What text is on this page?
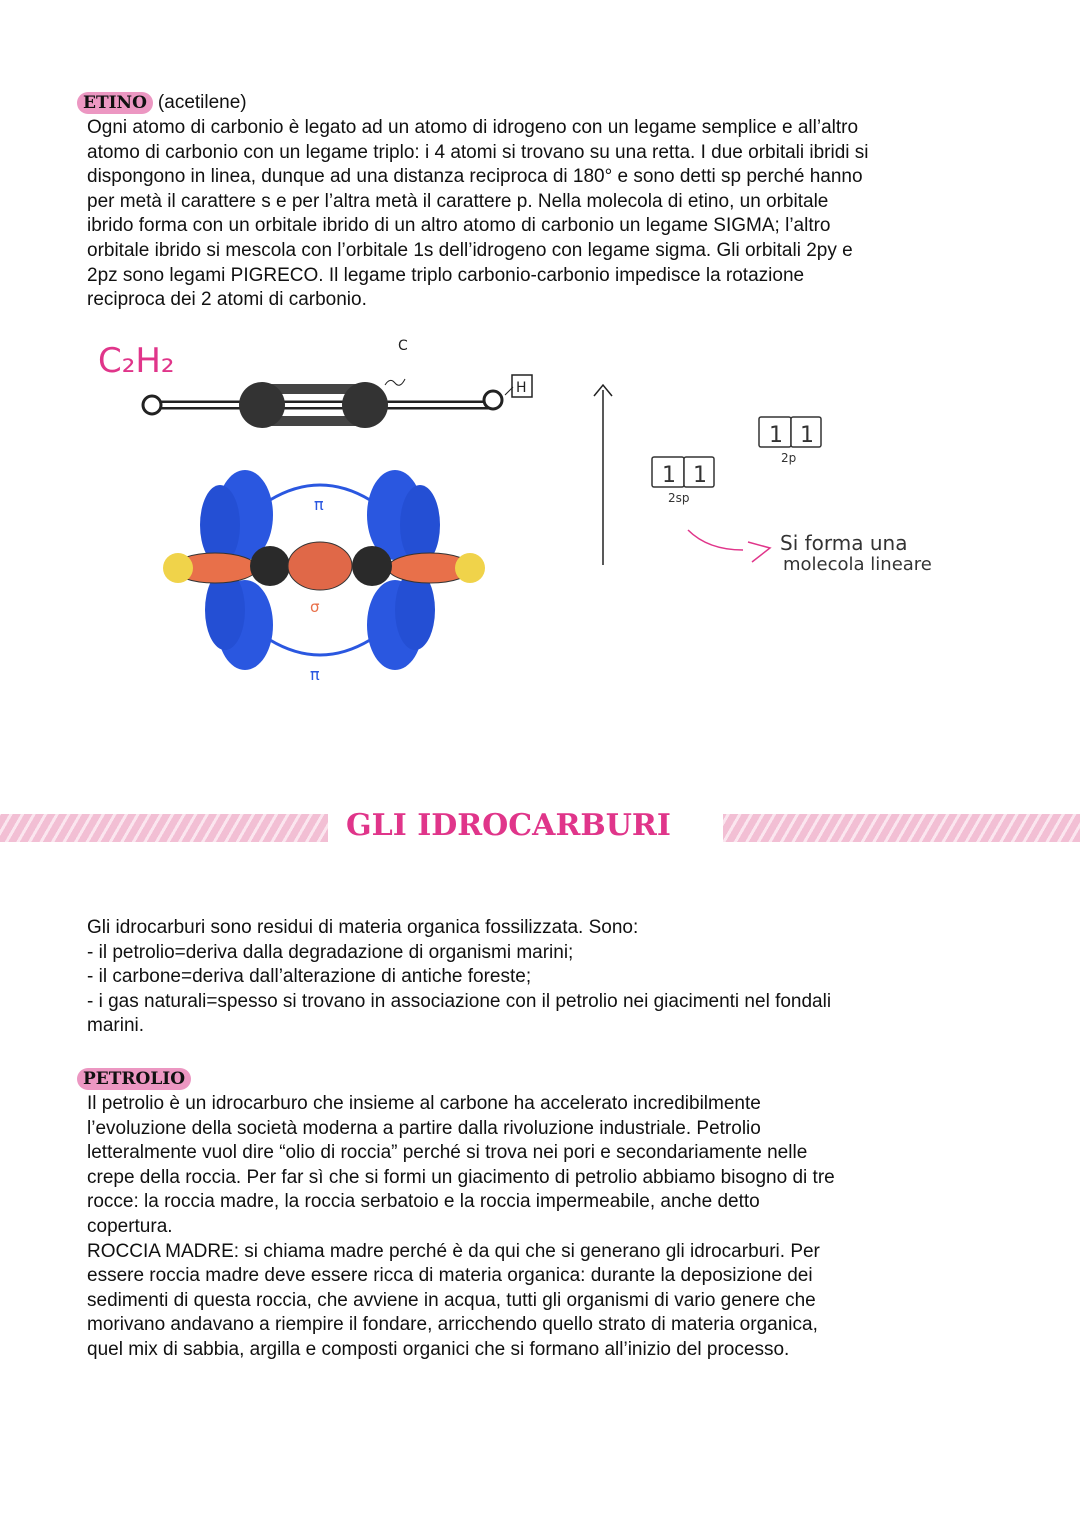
ETINO (acetilene)
Ogni atomo di carbonio è legato ad un atomo di idrogeno con un legame semplice e all’altro
atomo di carbonio con un legame triplo: i 4 atomi si trovano su una retta. I due orbitali ibridi si
dispongono in linea, dunque ad una distanza reciproca di 180° e sono detti sp perché hanno
per metà il carattere s e per l’altra metà il carattere p. Nella molecola di etino, un orbitale
ibrido forma con un orbitale ibrido di un altro atomo di carbonio un legame SIGMA; l’altro
orbitale ibrido si mescola con l’orbitale 1s dell’idrogeno con legame sigma. Gli orbitali 2py e
2pz sono legami PIGRECO. Il legame triplo carbonio-carbonio impedisce la rotazione
reciproca dei 2 atomi di carbonio.
C₂H₂	C
H
π
π
σ
1 1
2sp
1 1
2p
Si forma una
molecola lineare
GLI IDROCARBURI
Gli idrocarburi sono residui di materia organica fossilizzata. Sono:
- il petrolio=deriva dalla degradazione di organismi marini;
- il carbone=deriva dall’alterazione di antiche foreste;
- i gas naturali=spesso si trovano in associazione con il petrolio nei giacimenti nel fondali
marini.
PETROLIO
Il petrolio è un idrocarburo che insieme al carbone ha accelerato incredibilmente
l’evoluzione della società moderna a partire dalla rivoluzione industriale. Petrolio
letteralmente vuol dire “olio di roccia” perché si trova nei pori e secondariamente nelle
crepe della roccia. Per far sì che si formi un giacimento di petrolio abbiamo bisogno di tre
rocce: la roccia madre, la roccia serbatoio e la roccia impermeabile, anche detto
copertura.
ROCCIA MADRE: si chiama madre perché è da qui che si generano gli idrocarburi. Per
essere roccia madre deve essere ricca di materia organica: durante la deposizione dei
sedimenti di questa roccia, che avviene in acqua, tutti gli organismi di vario genere che
morivano andavano a riempire il fondare, arricchendo quello strato di materia organica,
quel mix di sabbia, argilla e composti organici che si formano all’inizio del processo.
